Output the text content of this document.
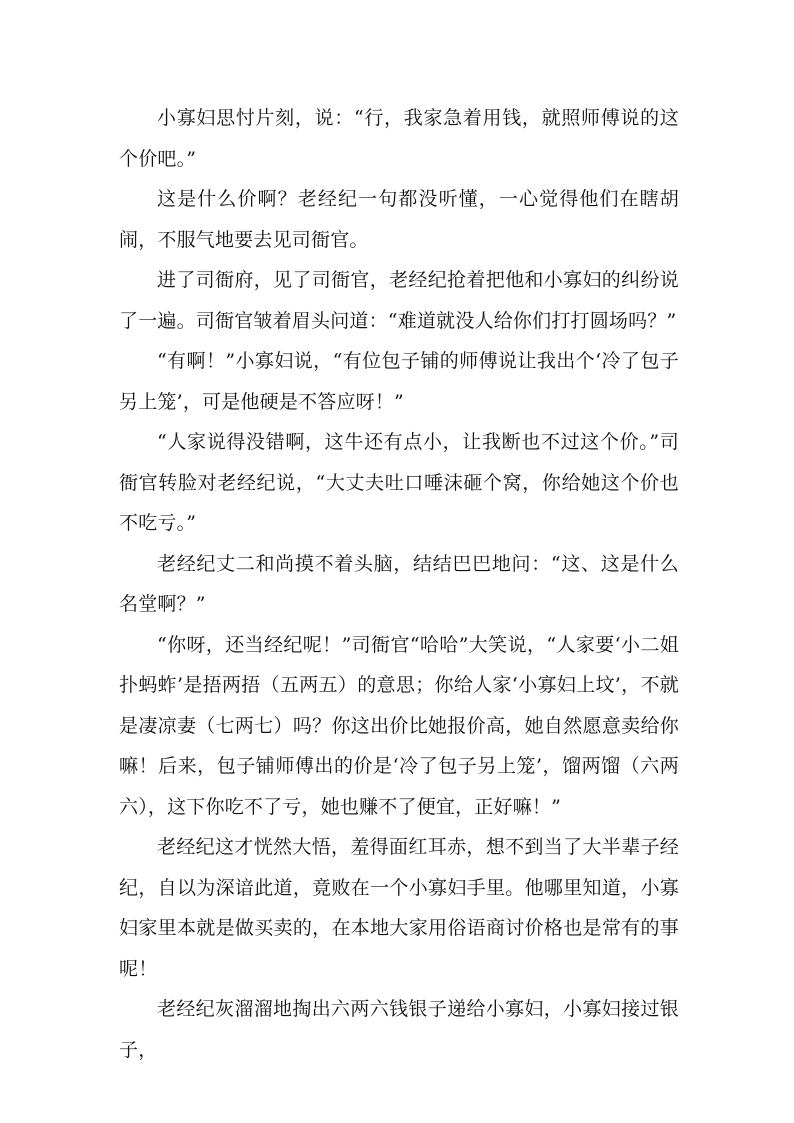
小寡妇思忖片刻，说：“行，我家急着用钱，就照师傅说的这个价吧。”

这是什么价啊？老经纪一句都没听懂，一心觉得他们在瞎胡闹，不服气地要去见司衙官。

进了司衙府，见了司衙官，老经纪抢着把他和小寡妇的纠纷说了一遍。司衙官皱着眉头问道：“难道就没人给你们打打圆场吗？”

“有啊！”小寡妇说，“有位包子铺的师傅说让我出个‘冷了包子另上笼’，可是他硬是不答应呀！”

“人家说得没错啊，这牛还有点小，让我断也不过这个价。”司衙官转脸对老经纪说，“大丈夫吐口唾沫砸个窝，你给她这个价也不吃亏。”

老经纪丈二和尚摸不着头脑，结结巴巴地问：“这、这是什么名堂啊？”

“你呀，还当经纪呢！”司衙官“哈哈”大笑说，“人家要‘小二姐扑蚂蚱’是捂两捂（五两五）的意思；你给人家‘小寡妇上坟’，不就是凄凉妻（七两七）吗？你这出价比她报价高，她自然愿意卖给你嘛！后来，包子铺师傅出的价是‘冷了包子另上笼’，馏两馏（六两六），这下你吃不了亏，她也赚不了便宜，正好嘛！”

老经纪这才恍然大悟，羞得面红耳赤，想不到当了大半辈子经纪，自以为深谙此道，竟败在一个小寡妇手里。他哪里知道，小寡妇家里本就是做买卖的，在本地大家用俗语商讨价格也是常有的事呢！

老经纪灰溜溜地掏出六两六钱银子递给小寡妇，小寡妇接过银子，
